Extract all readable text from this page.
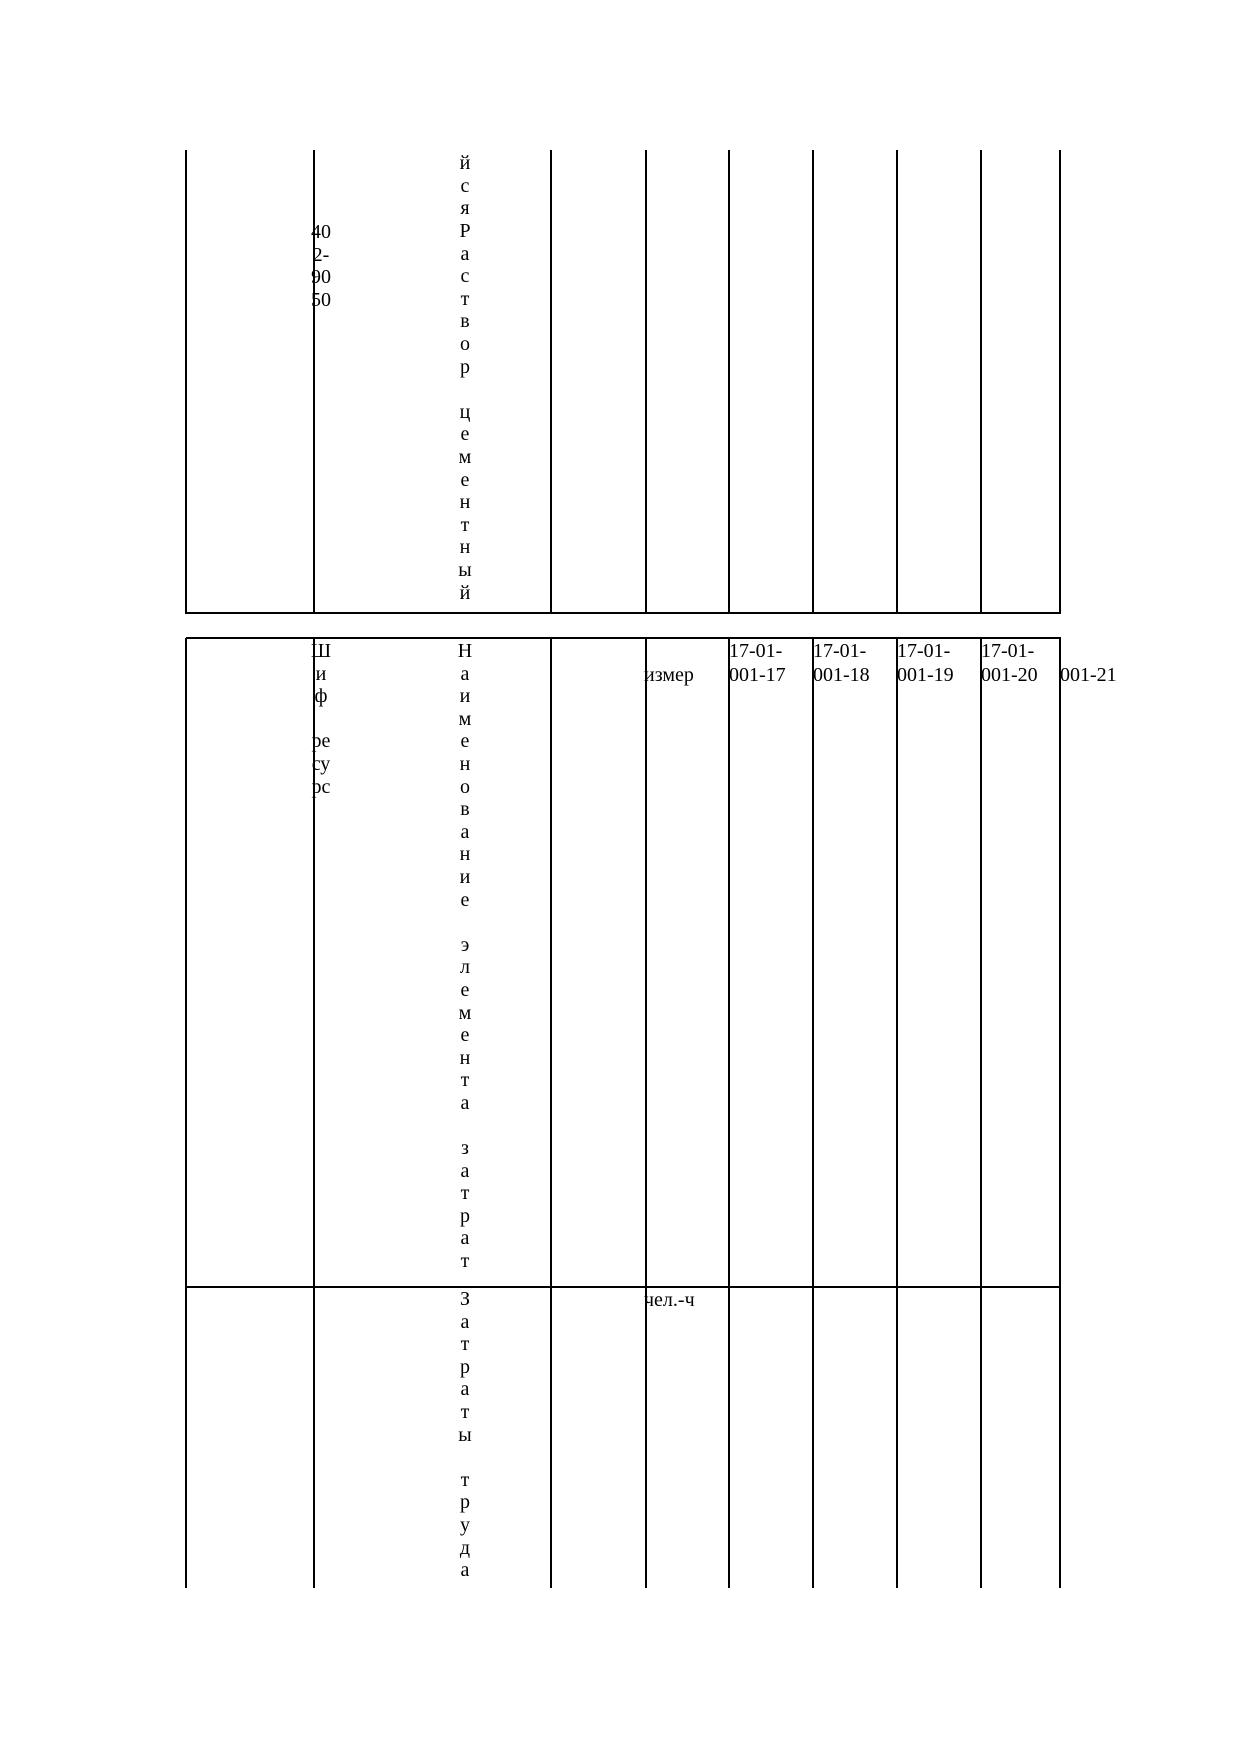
й
с
я
40
2-
90
50
Р
а
с
т
в
о
р

ц
е
м
е
н
т
н
ы
й
Ш
и
ф

ре
су
рс
Н
а
и
м
е
н
о
в
а
н
и
е

э
л
е
м
е
н
т
а

з
а
т
р
а
т
измер
17-01-
001-17
17-01-
001-18
17-01-
001-19
17-01-
001-20 001-21
З
а
т
р
а
т
ы

т
р
у
д
а
чел.-ч
